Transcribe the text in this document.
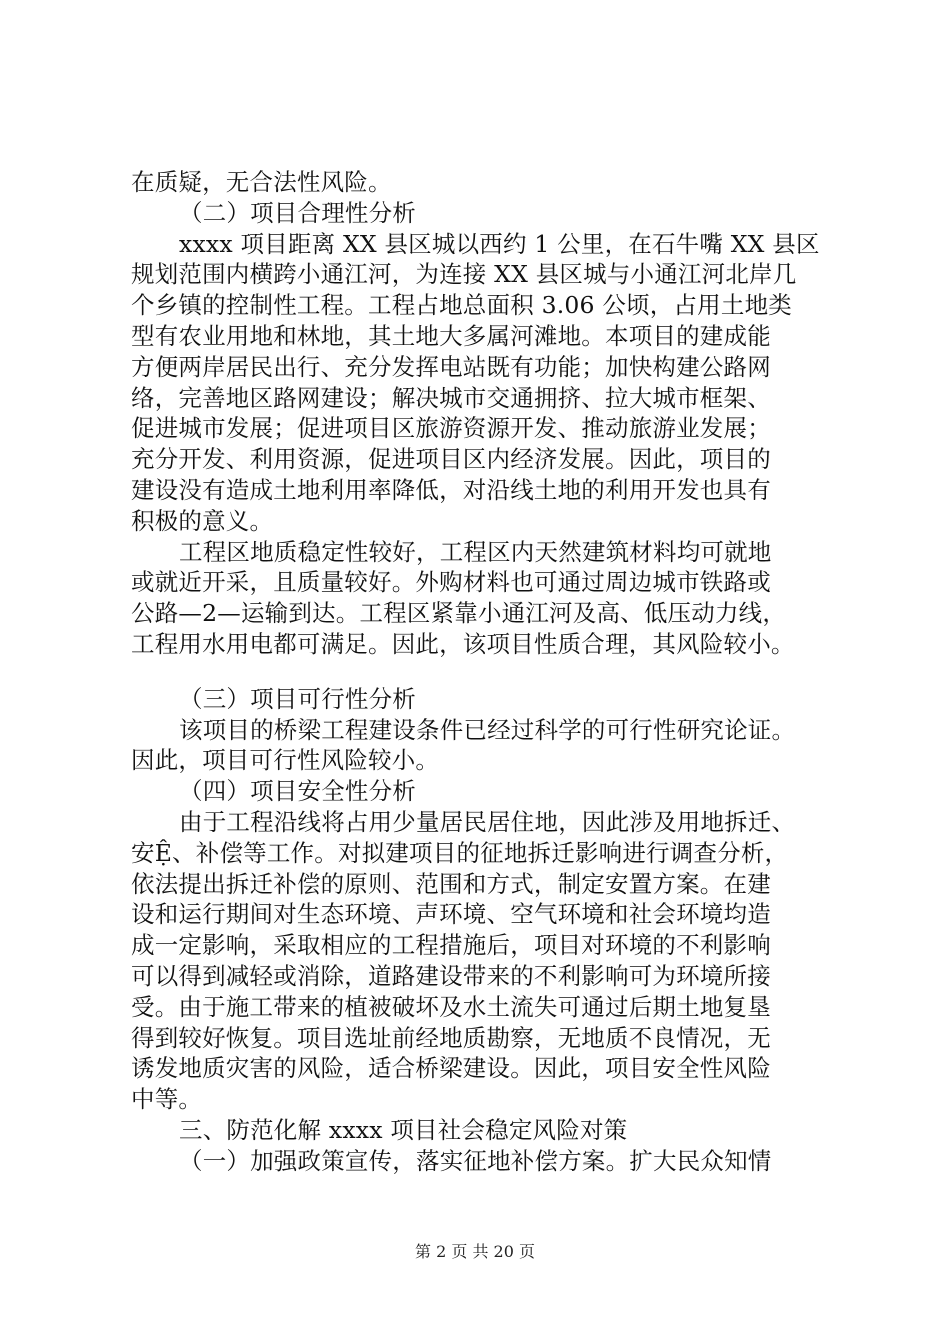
在质疑，无合法性风险。
（二）项目合理性分析
xxxx 项目距离 XX 县区城以西约 1 公里，在石牛嘴 XX 县区
规划范围内横跨小通江河，为连接 XX 县区城与小通江河北岸几
个乡镇的控制性工程。工程占地总面积 3.06 公顷，占用土地类
型有农业用地和林地，其土地大多属河滩地。本项目的建成能
方便两岸居民出行、充分发挥电站既有功能；加快构建公路网
络，完善地区路网建设；解决城市交通拥挤、拉大城市框架、
促进城市发展；促进项目区旅游资源开发、推动旅游业发展；
充分开发、利用资源，促进项目区内经济发展。因此，项目的
建设没有造成土地利用率降低，对沿线土地的利用开发也具有
积极的意义。
工程区地质稳定性较好，工程区内天然建筑材料均可就地
或就近开采，且质量较好。外购材料也可通过周边城市铁路或
公路—2—运输到达。工程区紧靠小通江河及高、低压动力线，
工程用水用电都可满足。因此，该项目性质合理，其风险较小。
（三）项目可行性分析
该项目的桥梁工程建设条件已经过科学的可行性研究论证。
因此，项目可行性风险较小。
（四）项目安全性分析
由于工程沿线将占用少量居民居住地，因此涉及用地拆迁、
安Ệ、补偿等工作。对拟建项目的征地拆迁影响进行调查分析，
依法提出拆迁补偿的原则、范围和方式，制定安置方案。在建
设和运行期间对生态环境、声环境、空气环境和社会环境均造
成一定影响，采取相应的工程措施后，项目对环境的不利影响
可以得到减轻或消除，道路建设带来的不利影响可为环境所接
受。由于施工带来的植被破坏及水土流失可通过后期土地复垦
得到较好恢复。项目选址前经地质勘察，无地质不良情况，无
诱发地质灾害的风险，适合桥梁建设。因此，项目安全性风险
中等。
三、防范化解 xxxx 项目社会稳定风险对策
（一）加强政策宣传，落实征地补偿方案。扩大民众知情
第 2 页 共 20 页
